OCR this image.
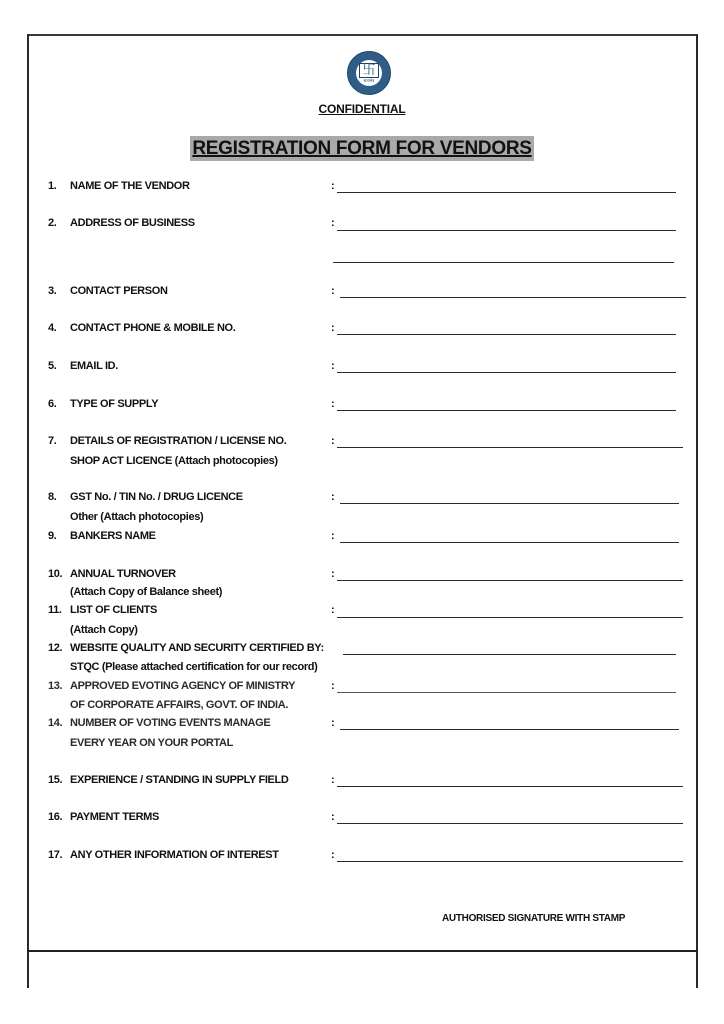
卐
सत्यमेव
CONFIDENTIAL
REGISTRATION FORM FOR VENDORS
1. NAME OF THE VENDOR	:
2. ADDRESS OF BUSINESS	:
3. CONTACT PERSON	:
4. CONTACT PHONE & MOBILE NO.	:
5. EMAIL ID.	:
6. TYPE OF SUPPLY	:
7. DETAILS OF REGISTRATION / LICENSE NO.
SHOP ACT LICENCE (Attach photocopies)
:
8. GST No. / TIN No. / DRUG LICENCE
Other (Attach photocopies)
:
9. BANKERS NAME	:
10. ANNUAL TURNOVER
(Attach Copy of Balance sheet)
:
11. LIST OF CLIENTS
(Attach Copy)
:
12. WEBSITE QUALITY AND SECURITY CERTIFIED BY:
STQC (Please attached certification for our record)
13. APPROVED EVOTING AGENCY OF MINISTRY
OF CORPORATE AFFAIRS, GOVT. OF INDIA.
:
14. NUMBER OF VOTING EVENTS MANAGE
EVERY YEAR ON YOUR PORTAL
:
15. EXPERIENCE / STANDING IN SUPPLY FIELD	:
16. PAYMENT TERMS	:
17. ANY OTHER INFORMATION OF INTEREST	:
AUTHORISED SIGNATURE WITH STAMP
